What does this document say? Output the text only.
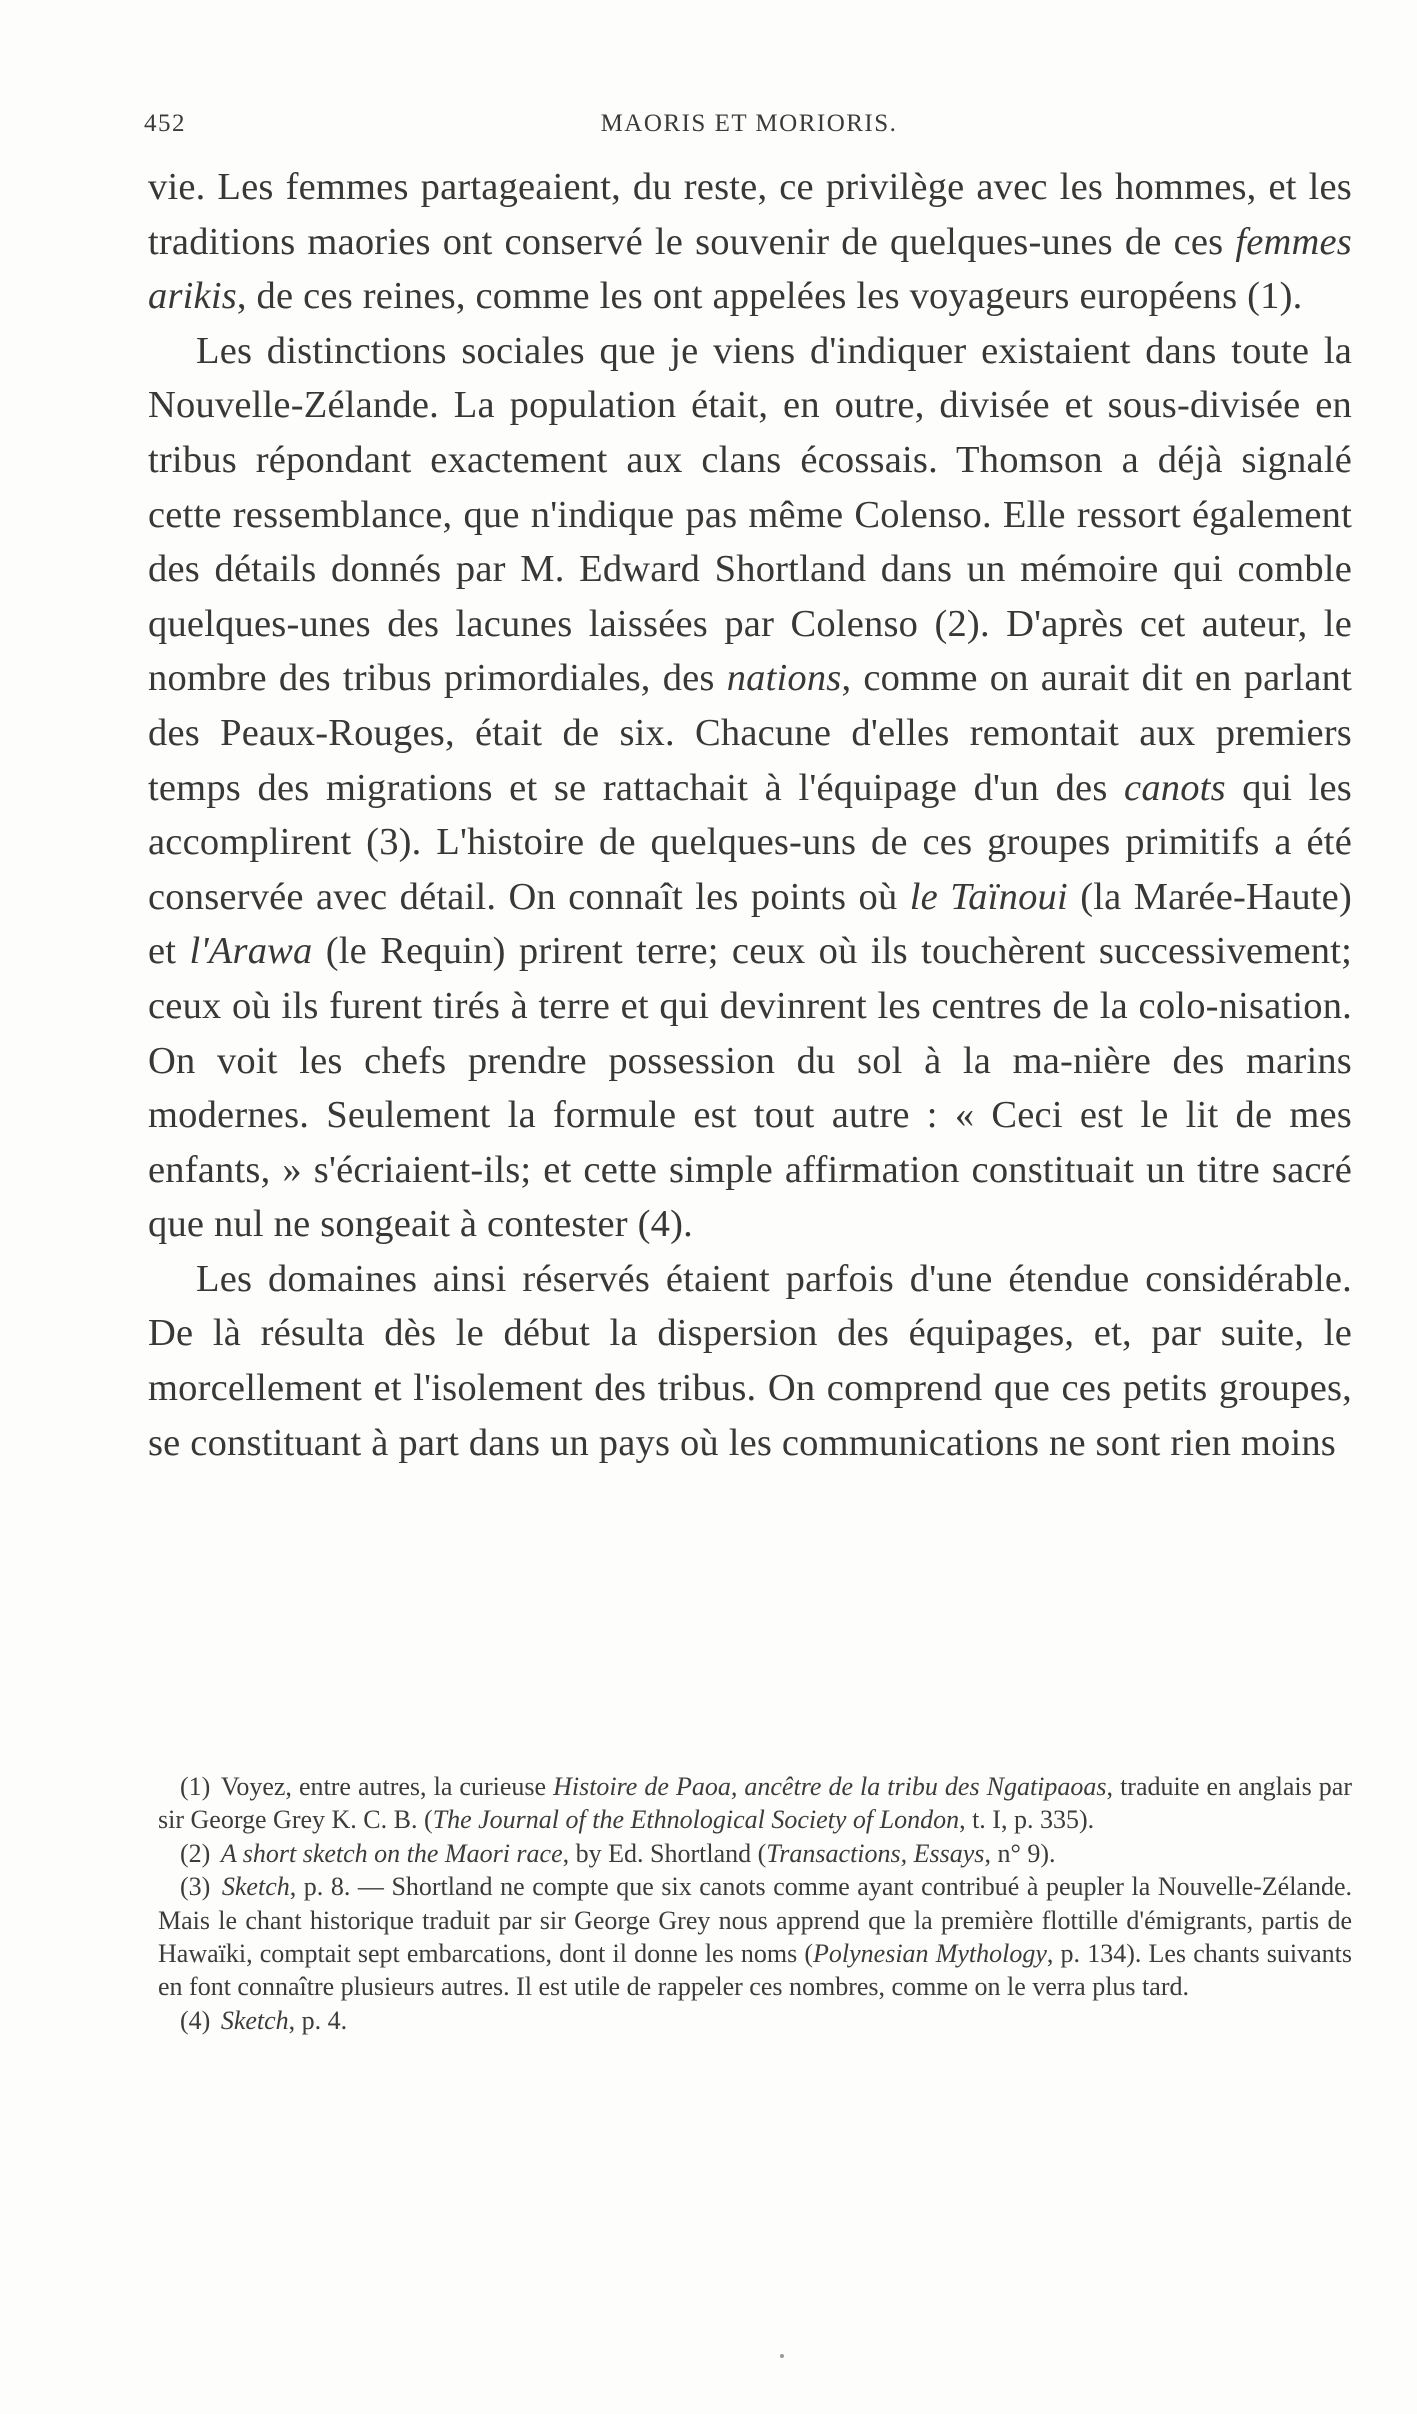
452	MAORIS ET MORIORIS.

vie. Les femmes partageaient, du reste, ce privilège avec les hommes, et les traditions maories ont conservé le souvenir de quelques-unes de ces femmes arikis, de ces reines, comme les ont appelées les voyageurs européens (1).

Les distinctions sociales que je viens d'indiquer existaient dans toute la Nouvelle-Zélande. La population était, en outre, divisée et sous-divisée en tribus répondant exactement aux clans écossais. Thomson a déjà signalé cette ressemblance, que n'indique pas même Colenso. Elle ressort également des détails donnés par M. Edward Shortland dans un mémoire qui comble quelques-unes des lacunes laissées par Colenso (2). D'après cet auteur, le nombre des tribus primordiales, des nations, comme on aurait dit en parlant des Peaux-Rouges, était de six. Chacune d'elles remontait aux premiers temps des migrations et se rattachait à l'équipage d'un des canots qui les accomplirent (3). L'histoire de quelques-uns de ces groupes primitifs a été conservée avec détail. On connaît les points où le Taïnoui (la Marée-Haute) et l'Arawa (le Requin) prirent terre; ceux où ils touchèrent successivement; ceux où ils furent tirés à terre et qui devinrent les centres de la colo-nisation. On voit les chefs prendre possession du sol à la ma-nière des marins modernes. Seulement la formule est tout autre : « Ceci est le lit de mes enfants, » s'écriaient-ils; et cette simple affirmation constituait un titre sacré que nul ne songeait à contester (4).

Les domaines ainsi réservés étaient parfois d'une étendue considérable. De là résulta dès le début la dispersion des équipages, et, par suite, le morcellement et l'isolement des tribus. On comprend que ces petits groupes, se constituant à part dans un pays où les communications ne sont rien moins

(1) Voyez, entre autres, la curieuse Histoire de Paoa, ancêtre de la tribu des Ngatipaoas, traduite en anglais par sir George Grey K. C. B. (The Journal of the Ethnological Society of London, t. I, p. 335).

(2) A short sketch on the Maori race, by Ed. Shortland (Transactions, Essays, n° 9).

(3) Sketch, p. 8. — Shortland ne compte que six canots comme ayant contribué à peupler la Nouvelle-Zélande. Mais le chant historique traduit par sir George Grey nous apprend que la première flottille d'émigrants, partis de Hawaïki, comptait sept embarcations, dont il donne les noms (Polynesian Mythology, p. 134). Les chants suivants en font connaître plusieurs autres. Il est utile de rappeler ces nombres, comme on le verra plus tard.

(4) Sketch, p. 4.
